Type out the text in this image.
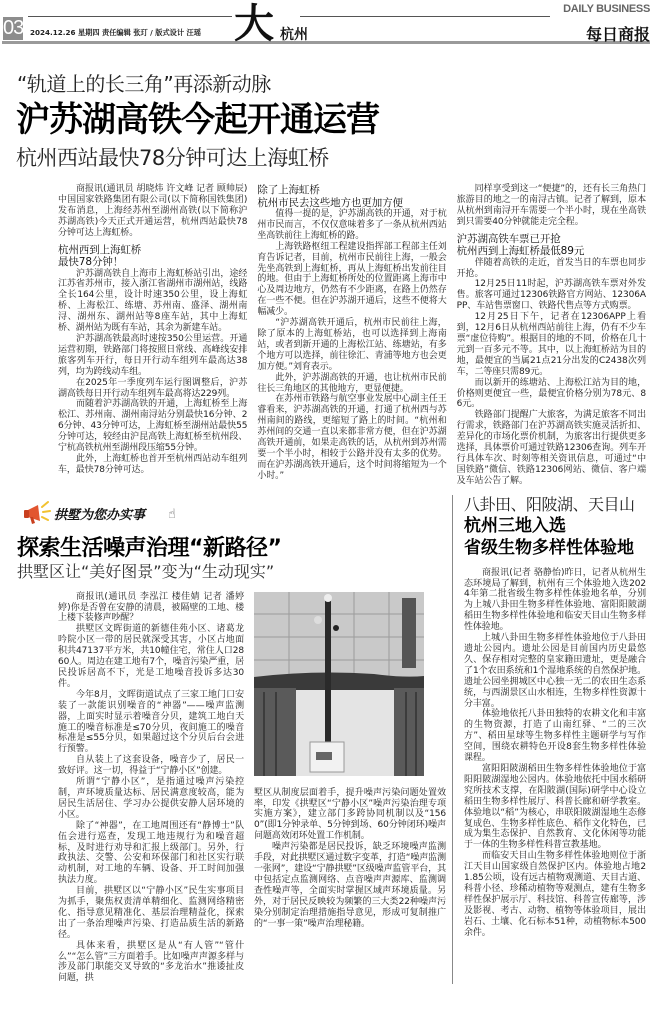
03 2024.12.26 星期四 责任编辑 张玎 / 版式设计 汪瑶 大 杭州
DAILY BUSINESS
每日商报
“轨道上的长三角”再添新动脉
沪苏湖高铁今起开通运营
杭州西站最快78分钟可达上海虹桥

商报讯(通讯员 胡晓炜 许文峰 记者 顾帅辰)中国国家铁路集团有限公司(以下简称国铁集团)发布消息，上海经苏州至湖州高铁(以下简称沪苏湖高铁)今天正式开通运营，杭州西站最快78分钟可达上海虹桥。

杭州西到上海虹桥

最快78分钟！

沪苏湖高铁自上海市上海虹桥站引出，途经江苏省苏州市，接入浙江省湖州市湖州站，线路全长164公里，设计时速350公里，设上海虹桥、上海松江、练塘、苏州南、盛泽、湖州南浔、湖州东、湖州站等8座车站，其中上海虹桥、湖州站为既有车站，其余为新建车站。

沪苏湖高铁最高时速按350公里运营。开通运营初期，铁路部门将按照日常线、高峰线安排旅客列车开行，每日开行动车组列车最高达38列，均为跨线动车组。

在2025年一季度列车运行图调整后，沪苏湖高铁每日开行动车组列车最高将达229列。

而随着沪苏湖高铁的开通，上海虹桥至上海松江、苏州南、湖州南浔站分别最快16分钟、26分钟、43分钟可达，上海虹桥至湖州站最快55分钟可达，较经由沪昆高铁上海虹桥至杭州段、宁杭高铁杭州至湖州段压缩55分钟。

此外，上海虹桥也首开至杭州西站动车组列车，最快78分钟可达。

除了上海虹桥

杭州市民去这些地方也更加方便

值得一提的是，沪苏湖高铁的开通，对于杭州市民而言，不仅仅意味着多了一条从杭州西站坐高铁前往上海虹桥的路。

上海铁路枢纽工程建设指挥部工程部主任刘育告诉记者，目前，杭州市民前往上海，一般会先坐高铁到上海虹桥，再从上海虹桥出发前往目的地。但由于上海虹桥所处的位置距离上海市中心及周边地方，仍然有不少距离，在路上仍然存在一些不便。但在沪苏湖开通后，这些不便将大幅减少。

“沪苏湖高铁开通后，杭州市民前往上海，除了原本的上海虹桥站，也可以选择到上海南站，或者到新开通的上海松江站、练塘站，有多个地方可以选择，前往徐汇、青浦等地方也会更加方便。”刘育表示。

此外，沪苏湖高铁的开通，也让杭州市民前往长三角地区的其他地方，更显便捷。

在苏州市铁路与航空事业发展中心副主任王睿看来，沪苏湖高铁的开通，打通了杭州西与苏州南间的路线，更缩短了路上的时间。“杭州和苏州间的交通一直以来都非常方便，但在沪苏湖高铁开通前，如果走高铁的话，从杭州到苏州需要一个半小时，相较于公路并没有太多的优势。而在沪苏湖高铁开通后，这个时间将缩短为一个小时。”

同样享受到这一“便捷”的，还有长三角热门旅游目的地之一的南浔古镇。记者了解到，原本从杭州到南浔开车需要一个半小时，现在坐高铁到只需要40分钟就能走完全程。

沪苏湖高铁车票已开抢

杭州西到上海虹桥最低89元

伴随着高铁的走近，首发当日的车票也同步开抢。

12月25日11时起，沪苏湖高铁车票对外发售。旅客可通过12306铁路官方网站、12306APP、车站售票窗口、铁路代售点等方式购票。

12月25日下午，记者在12306APP上看到，12月6日从杭州西站前往上海，仍有不少车票“虚位待购”。根据目的地的不同，价格在几十元到一百多元不等。其中，以上海虹桥站为目的地，最便宜的当属21点21分出发的C2438次列车，二等座只需89元。

而以新开的练塘站、上海松江站为目的地，价格则更便宜一些，最便宜价格分别为78元、86元。

铁路部门提醒广大旅客，为满足旅客不同出行需求，铁路部门在沪苏湖高铁实施灵活折扣、差异化的市场化票价机制，为旅客出行提供更多选择，具体票价可通过铁路12306查询。列车开行具体车次、时刻等相关资讯信息，可通过“中国铁路”微信、铁路12306网站、微信、客户端及车站公告了解。

拱墅为您办实事 ☝
探索生活噪声治理“新路径”
拱墅区让“美好图景”变为“生动现实”

商报讯(通讯员 李泓江 楼佳婧 记者 潘婷婷)你是否曾在安静的清晨，被隔壁的工地、楼上楼下装修声吵醒？

拱墅区文晖街道的新德佳苑小区、诸葛龙吟院小区一带的居民就深受其害，小区占地面积共47137平方米，共10幢住宅，常住人口2860人。周边在建工地有7个，噪音污染严重，居民投诉居高不下，光是工地噪音投诉多达30件。

今年8月，文晖街道试点了三家工地门口安装了一款能识别噪音的“神器”——噪声监测器，上面实时显示着噪音分贝，建筑工地白天施工的噪音标准是≤70分贝，夜间施工的噪音标准是≤55分贝，如果超过这个分贝后台会进行预警。

自从装上了这套设备，噪音少了，居民一致好评。这一切，得益于“宁静小区”创建。

所谓“宁静小区”，是指通过噪声污染控制，声环境质量达标、居民满意度较高，能为居民生活居住、学习办公提供安静人居环境的小区。

除了“神器”，在工地周围还有“静博士”队伍会进行巡查，发现工地违规行为和噪音超标，及时进行劝导和汇报上级部门。另外，行政执法、交警、公安和环保部门和社区实行联动机制，对工地的车辆、设备、开工时间加强执法力度。

目前，拱墅区以“宁静小区”民生实事项目为抓手，聚焦权责清单精细化、监测网络精密化、指导意见精准化、基层治理精益化，探索出了一条治理噪声污染、打造品质生活的新路径。

具体来看，拱墅区是从“有人管”“管什么”“怎么管”三方面着手。比如噪声声源多样与涉及部门职能交叉导致的“多龙治水”推诿扯皮问题，拱

墅区从制度层面着手，提升噪声污染问题处置效率，印发《拱墅区“宁静小区”噪声污染治理专项实施方案》，建立部门多跨协同机制以及“1560”(即1分钟录单、5分钟到场、60分钟闭环)噪声问题高效闭环处置工作机制。

噪声污染都是居民投诉，缺乏环境噪声监测手段，对此拱墅区通过数字变革，打造“噪声监测一张网”，建设“宁静拱墅”区级噪声监管平台，其中包括定点监测网络、点音噪声声源库、监测调查性噪声等，全面实时掌握区域声环境质量。另外，对于居民反映较为频繁的三大类22种噪声污染分别制定治理措施指导意见，形成可复制推广的“一事一策”噪声治理秘籍。

八卦田、阳陂湖、天目山
杭州三地入选
省级生物多样性体验地

商报讯(记者 骆静怡)昨日，记者从杭州生态环境局了解到，杭州有三个体验地入选2024年第二批省级生物多样性体验地名单，分别为上城八卦田生物多样性体验地、富阳阳陂湖稻田生物多样性体验地和临安天目山生物多样性体验地。

上城八卦田生物多样性体验地位于八卦田遗址公园内。遗址公园是目前国内历史最悠久、保存相对完整的皇家籍田遗址，更是融合了1个农田系统和1个湿地系统的自然保护地。遗址公园坐拥城区中心独一无二的农田生态系统，与西湖景区山水相连，生物多样性资源十分丰富。

体验地依托八卦田独特的农耕文化和丰富的生物资源，打造了山南红驿、“二的三次方”、稻田星球等生物多样性主题研学与写作空间，围绕农耕特色开设8套生物多样性体验课程。

富阳阳陂湖稻田生物多样性体验地位于富阳阳陂湖湿地公园内。体验地依托中国水稻研究所技术支撑，在阳陂湖(国际)研学中心设立稻田生物多样性展厅、科普长廊和研学教室。体验地以“稻”为核心，串联阳陂湖湿地生态修复成色、生物多样性底色、稻作文化特色，已成为集生态保护、自然教育、文化休闲等功能于一体的生物多样性科普宣教基地。

而临安天目山生物多样性体验地则位于浙江天目山国家级自然保护区内。体验地占地21.85公顷，设有远古植物观测道、天目古道、科普小径、珍稀动植物等观测点，建有生物多样性保护展示厅、科技馆、科普宣传廊等，涉及影视、考古、动物、植物等体验项目，展出岩石、土壤、化石标本51种，动植物标本500余件。
